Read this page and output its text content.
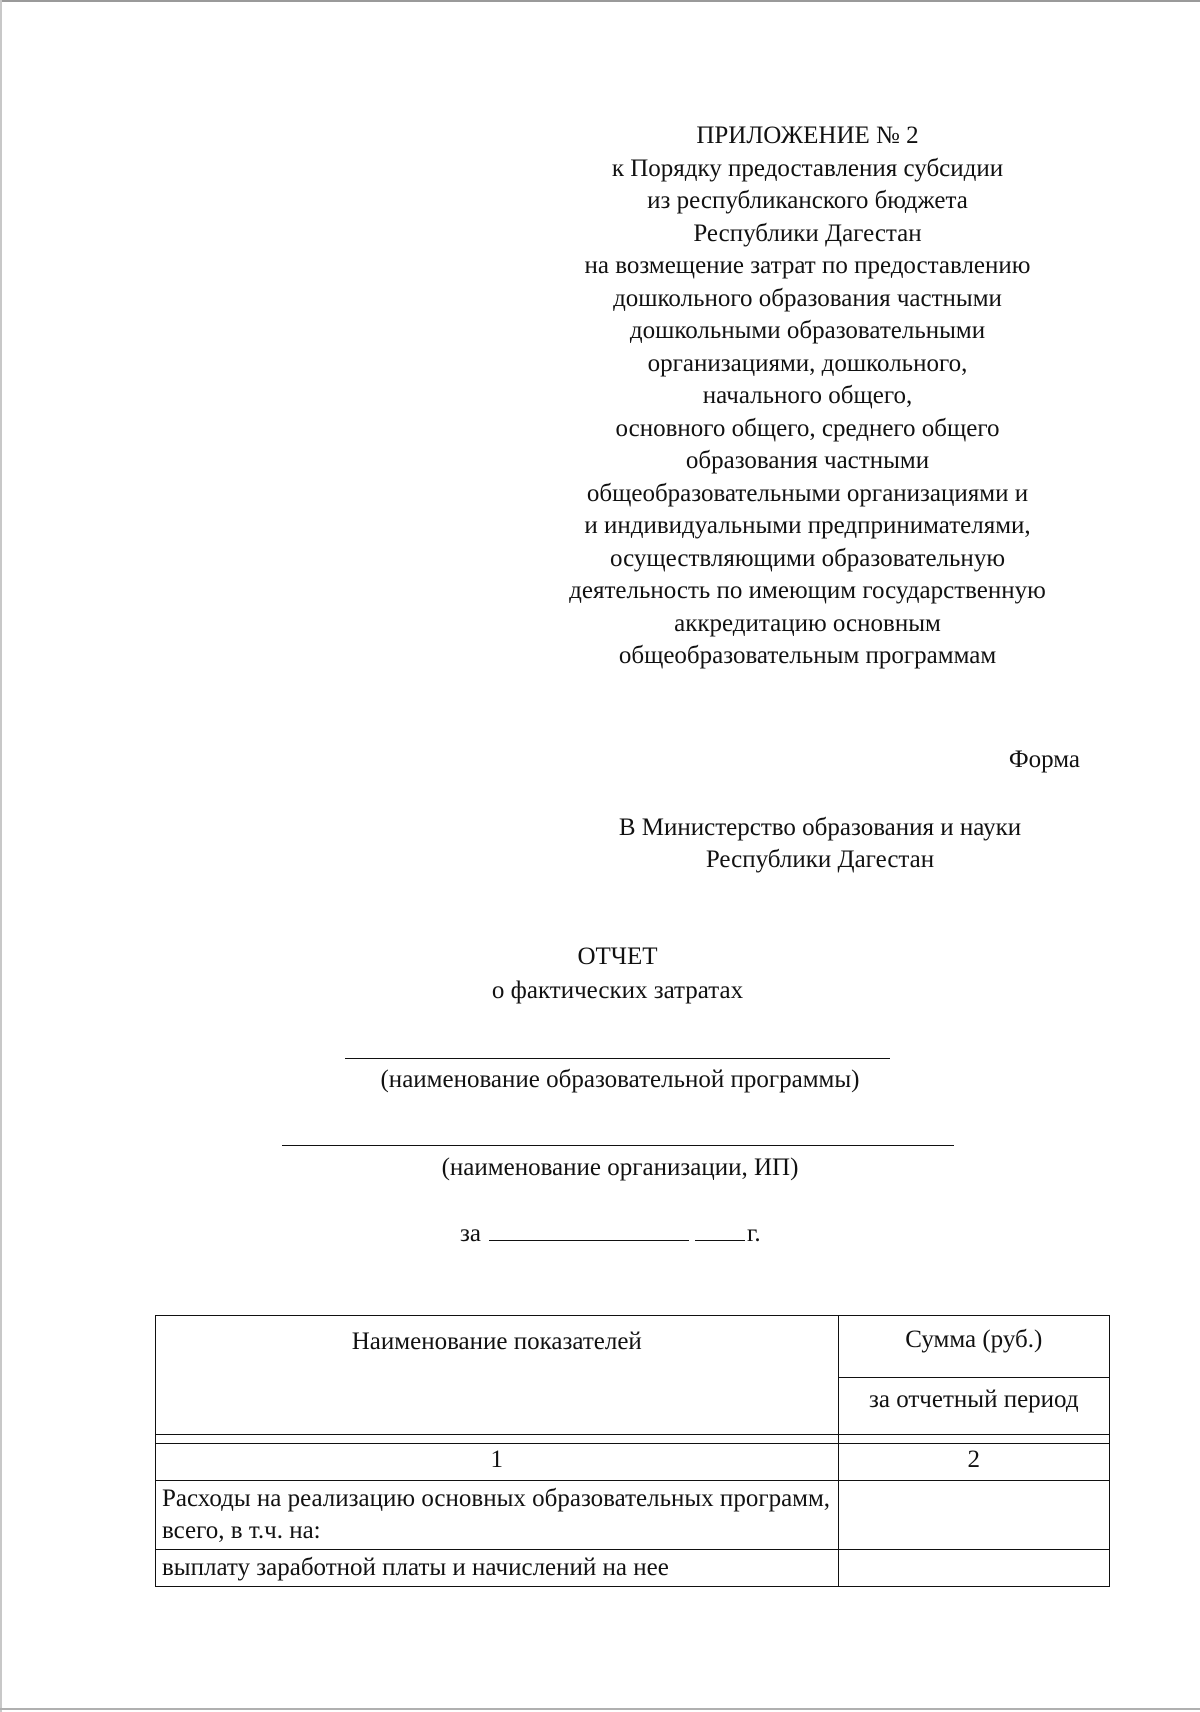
ПРИЛОЖЕНИЕ № 2
к Порядку предоставления субсидии
из республиканского бюджета
Республики Дагестан
на возмещение затрат по предоставлению
дошкольного образования частными
дошкольными образовательными
организациями, дошкольного,
начального общего,
основного общего, среднего общего
образования частными
общеобразовательными организациями и
и индивидуальными предпринимателями,
осуществляющими образовательную
деятельность по имеющим государственную
аккредитацию основным
общеобразовательным программам
Форма
В Министерство образования и науки
Республики Дагестан
ОТЧЕТ
о фактических затратах
(наименование образовательной программы)
(наименование организации, ИП)
за	г.
Наименование показателей	Сумма (руб.)
	за отчетный период

1	2
Расходы на реализацию основных образовательных программ, всего, в т.ч. на:	
выплату заработной платы и начислений на нее	
